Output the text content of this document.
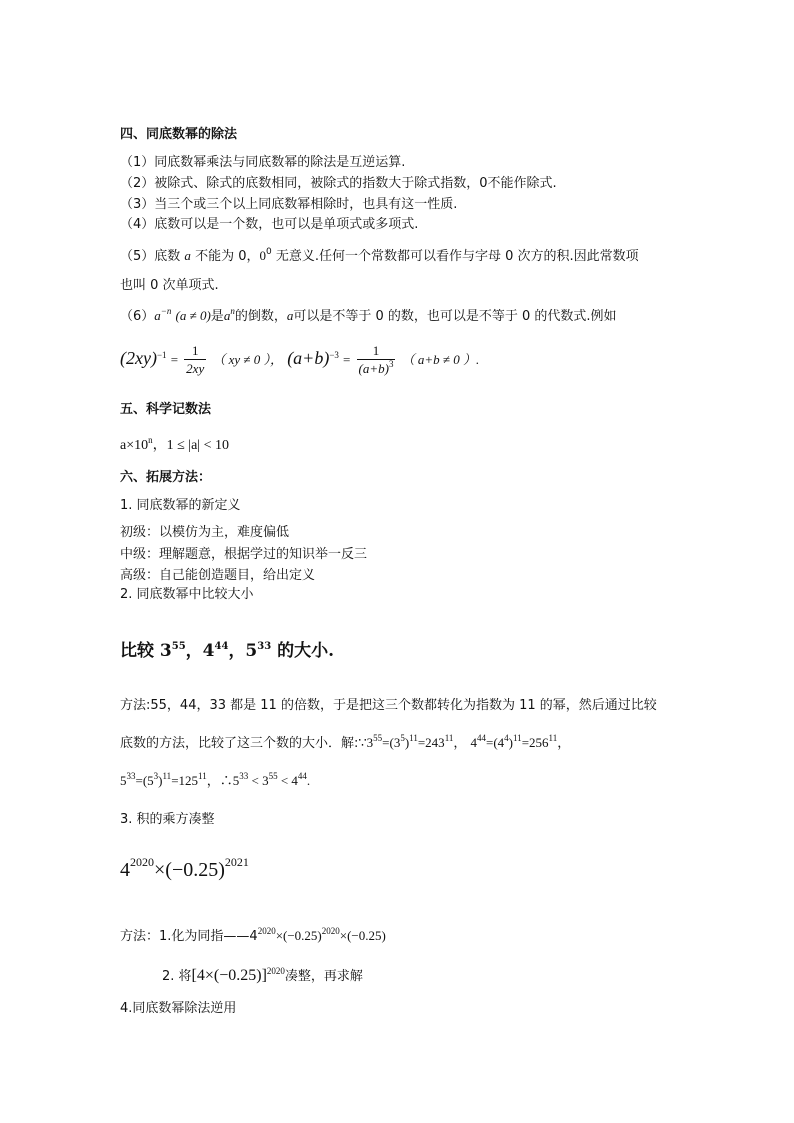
四、同底数幂的除法
（1）同底数幂乘法与同底数幂的除法是互逆运算.
（2）被除式、除式的底数相同，被除式的指数大于除式指数，0不能作除式.
（3）当三个或三个以上同底数幂相除时，也具有这一性质.
（4）底数可以是一个数，也可以是单项式或多项式.
（5）底数 a 不能为 0，$0^0$ 无意义.任何一个常数都可以看作与字母 0 次方的积.因此常数项
也叫 0 次单项式.
$(6)a^{-n}$ (a ≠ 0)是$a^n$的倒数，a可以是不等于 0 的数，也可以是不等于 0 的代数式.例如
$(2xy)^{-1} = \frac{1}{2xy}$ （ xy ≠ 0 ）， $(a+b)^{-3} = \frac{1}{(a+b)^3}$ （ a+b ≠ 0 ）.
五、科学记数法
$a\times 10^n$，1 ≤ |a| < 10
六、拓展方法：
1. 同底数幂的新定义
初级：以模仿为主，难度偏低
中级：理解题意，根据学过的知识举一反三
高级：自己能创造题目，给出定义
2. 同底数幂中比较大小
比较 $3^{55}$，$4^{44}$，$5^{33}$ 的大小.
方法:55，44，33 都是 11 的倍数，于是把这三个数都转化为指数为 11 的幂，然后通过比较
底数的方法，比较了这三个数的大小．解$:\because 3^{55}=(3^5)^{11}=243^{11}$， $4^{44}=(4^4)^{11}=256^{11}$，
$5^{33}=(5^3)^{11}=125^{11}$，$\therefore 5^{33} < 3^{55} < 4^{44}$.
3. 积的乘方凑整
$4^{2020}\times(-0.25)^{2021}$
方法：1.化为同指$——4^{2020}\times(-0.25)^{2020}\times(-0.25)$
2. 将$[4\times(-0.25)]^{2020}$凑整，再求解
4.同底数幂除法逆用
